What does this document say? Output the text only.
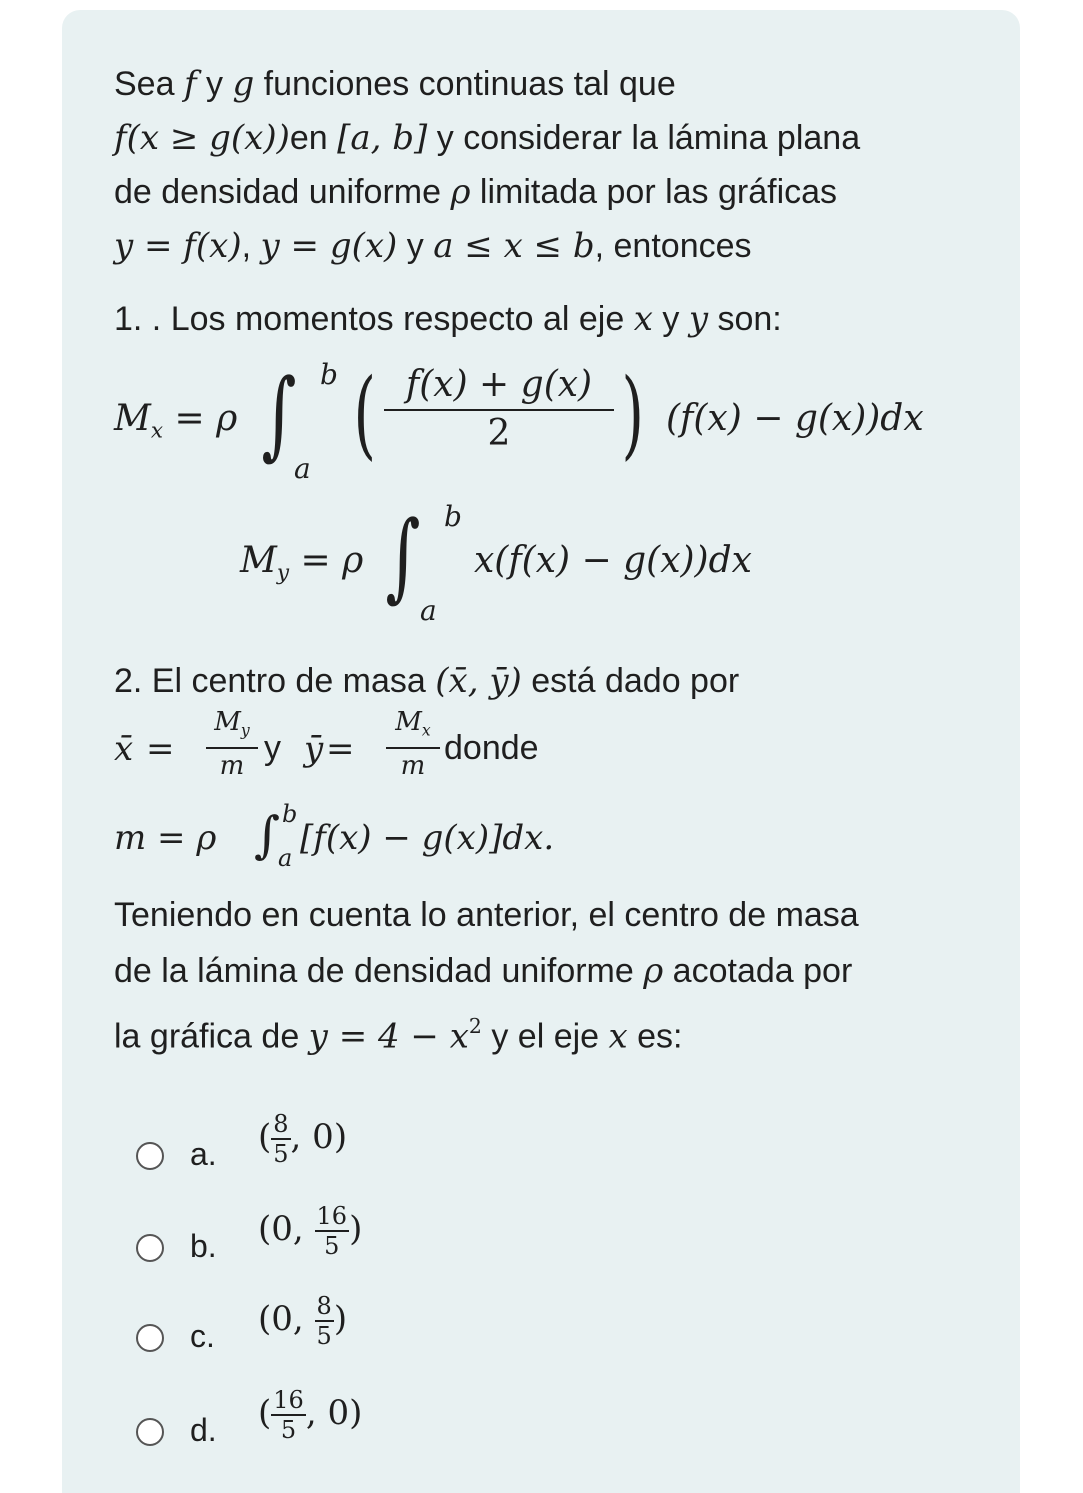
Sea f y g funciones continuas tal que
f(x ≥ g(x))en [a, b] y considerar la lámina plana
de densidad uniforme ρ limitada por las gráficas
y = f(x), y = g(x) y a ≤ x ≤ b, entonces
1. . Los momentos respecto al eje x y y son:
$M_x = \rho$ ∫ b
a ( $\frac{f(x) + g(x)}{2}$ ) (f(x) − g(x))dx
$M_y = \rho$ ∫ b
a
x(f(x) − g(x))dx
2. El centro de masa (x̄, ȳ) está dado por
x̄ =
$M_y$
m y ȳ =
$M_x$
m donde
m = ρ ∫ b
a [f(x) − g(x)]dx.
Teniendo en cuenta lo anterior, el centro de masa
de la lámina de densidad uniforme ρ acotada por
la gráfica de $y = 4 - x^2$ y el eje x es:
a. ( $\frac{8}{5}$ , 0)
b. (0, $\frac{16}{5}$ )
c. (0, $\frac{8}{5}$ )
d. ( $\frac{16}{5}$ , 0)
